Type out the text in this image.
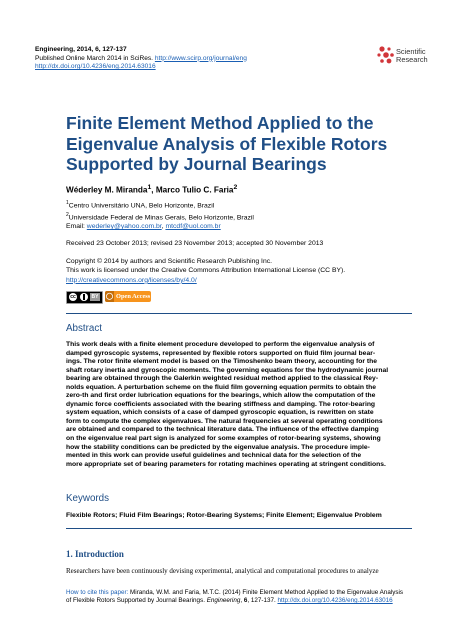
Engineering, 2014, 6, 127-137
Published Online March 2014 in SciRes. http://www.scirp.org/journal/eng
http://dx.doi.org/10.4236/eng.2014.63016
Scientific
Research
Finite Element Method Applied to the
Eigenvalue Analysis of Flexible Rotors
Supported by Journal Bearings
Wéderley M. Miranda$^1$, Marco Tulio C. Faria$^2$
$^1$Centro Universitário UNA, Belo Horizonte, Brazil
$^2$Universidade Federal de Minas Gerais, Belo Horizonte, Brazil
Email: wederley@yahoo.com.br, mtcdf@uol.com.br
Received 23 October 2013; revised 23 November 2013; accepted 30 November 2013
Copyright © 2014 by authors and Scientific Research Publishing Inc.
This work is licensed under the Creative Commons Attribution International License (CC BY).
http://creativecommons.org/licenses/by/4.0/
cc	BY ◯ Open Access
Abstract
This work deals with a finite element procedure developed to perform the eigenvalue analysis of
damped gyroscopic systems, represented by flexible rotors supported on fluid film journal bear-
ings. The rotor finite element model is based on the Timoshenko beam theory, accounting for the
shaft rotary inertia and gyroscopic moments. The governing equations for the hydrodynamic journal
bearing are obtained through the Galerkin weighted residual method applied to the classical Rey-
nolds equation. A perturbation scheme on the fluid film governing equation permits to obtain the
zero-th and first order lubrication equations for the bearings, which allow the computation of the
dynamic force coefficients associated with the bearing stiffness and damping. The rotor-bearing
system equation, which consists of a case of damped gyroscopic equation, is rewritten on state
form to compute the complex eigenvalues. The natural frequencies at several operating conditions
are obtained and compared to the technical literature data. The influence of the effective damping
on the eigenvalue real part sign is analyzed for some examples of rotor-bearing systems, showing
how the stability conditions can be predicted by the eigenvalue analysis. The procedure imple-
mented in this work can provide useful guidelines and technical data for the selection of the
more appropriate set of bearing parameters for rotating machines operating at stringent conditions.
Keywords
Flexible Rotors; Fluid Film Bearings; Rotor-Bearing Systems; Finite Element; Eigenvalue Problem
1. Introduction
Researchers have been continuously devising experimental, analytical and computational procedures to analyze
How to cite this paper: Miranda, W.M. and Faria, M.T.C. (2014) Finite Element Method Applied to the Eigenvalue Analysis
of Flexible Rotors Supported by Journal Bearings. Engineering, 6, 127-137. http://dx.doi.org/10.4236/eng.2014.63016
